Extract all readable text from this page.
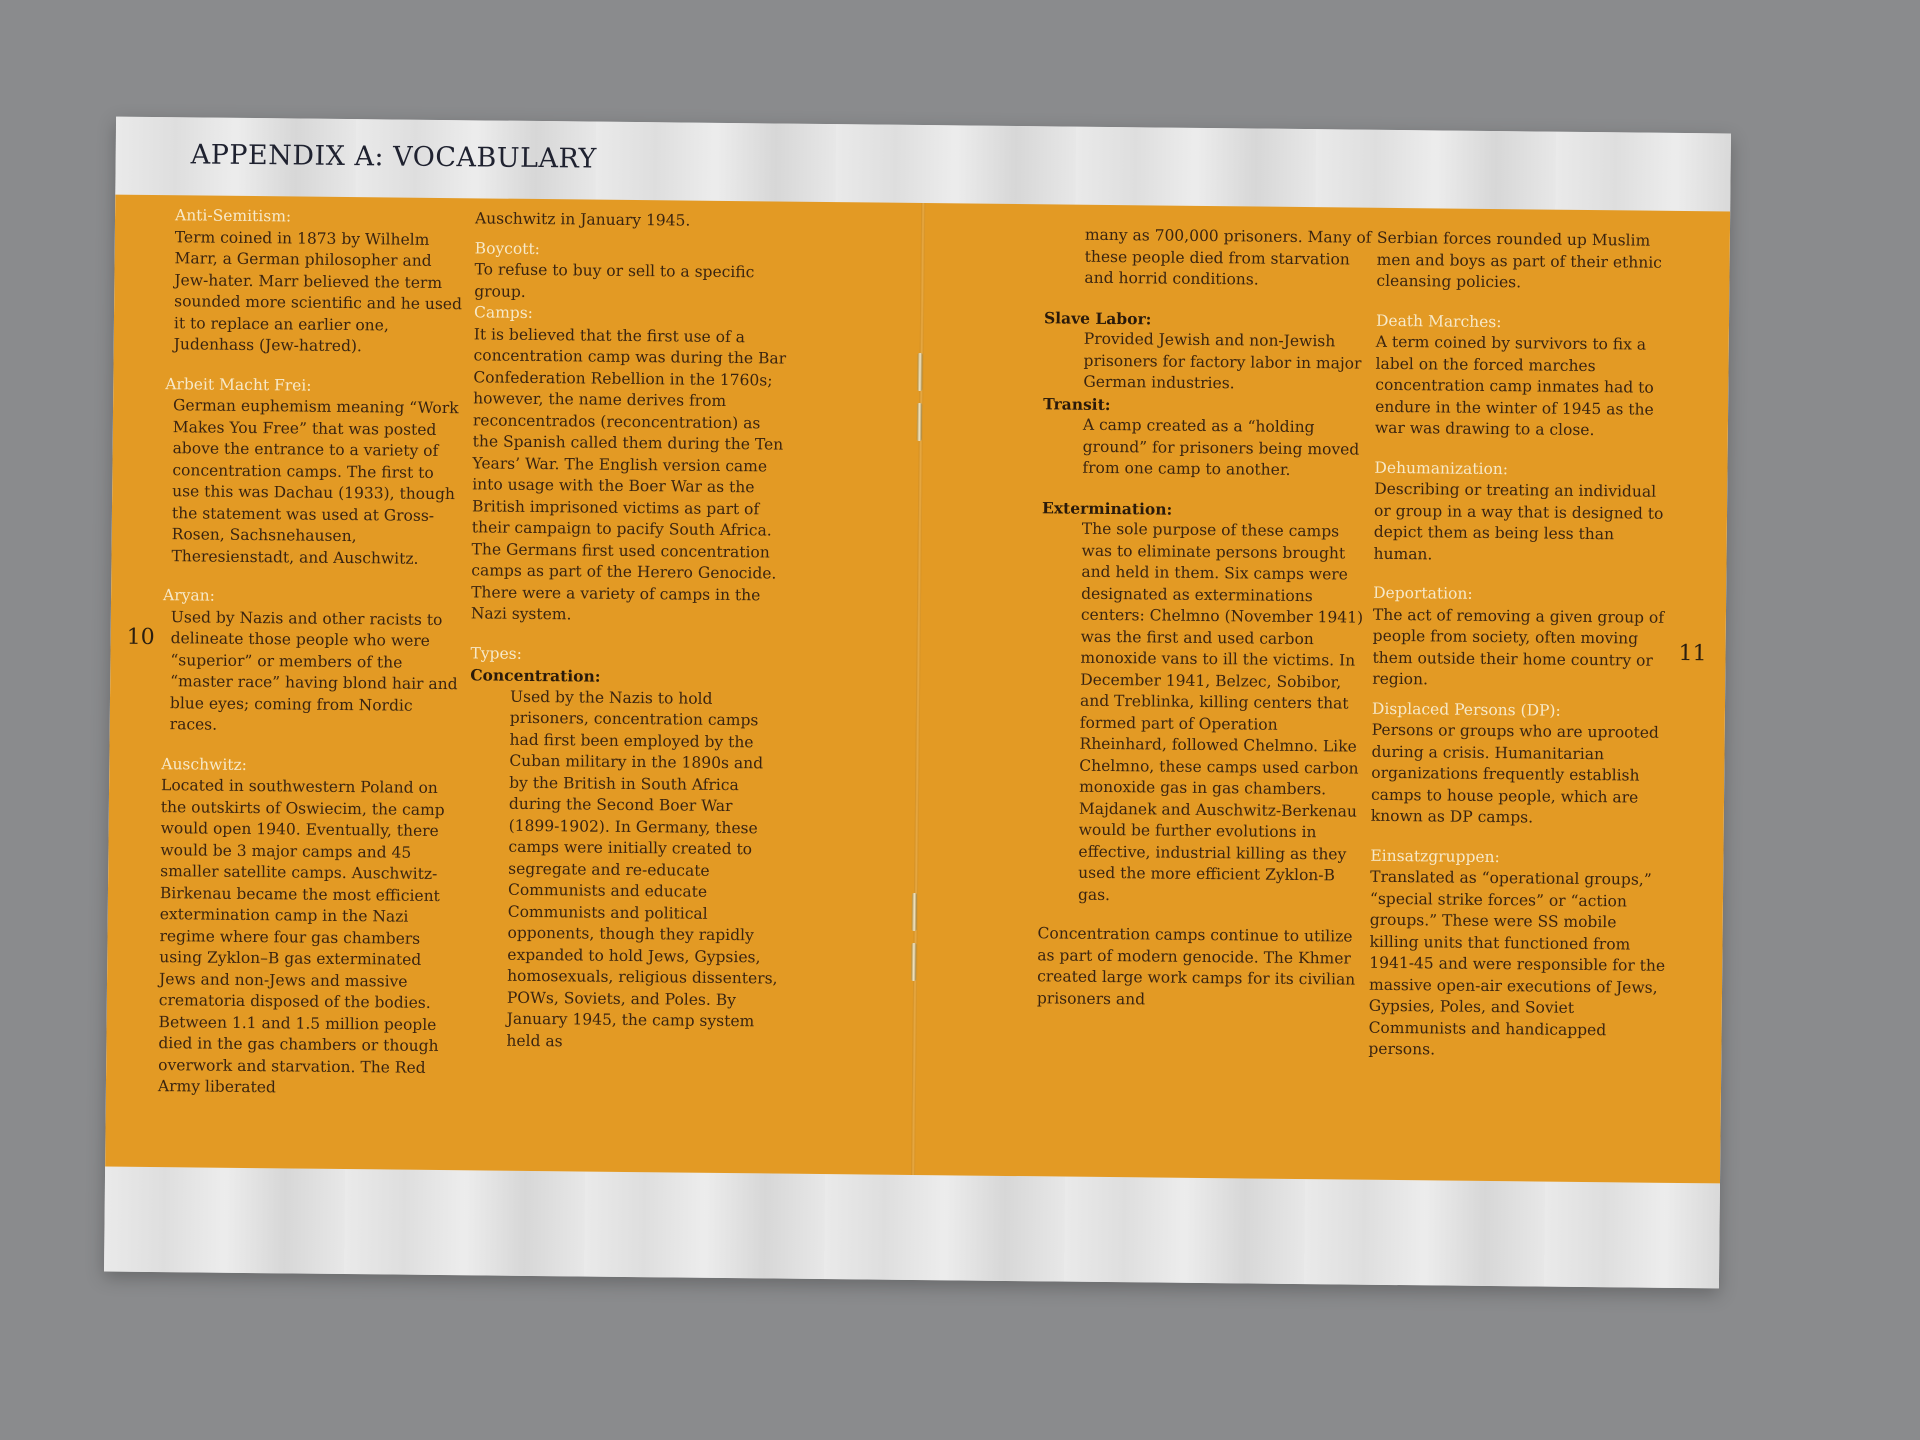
APPENDIX A: VOCABULARY
10
11
Anti-Semitism:
Term coined in 1873 by Wilhelm Marr, a German philosopher and Jew-hater. Marr believed the term sounded more scientific and he used it to replace an earlier one, Judenhass (Jew-hatred).
Arbeit Macht Frei:
German euphemism meaning “Work Makes You Free” that was posted above the entrance to a variety of concentration camps. The first to use this was Dachau (1933), though the statement was used at Gross-Rosen, Sachsnehausen, Theresienstadt, and Auschwitz.
Aryan:
Used by Nazis and other racists to delineate those people who were “superior” or members of the “master race” having blond hair and blue eyes; coming from Nordic races.
Auschwitz:
Located in southwestern Poland on the outskirts of Oswiecim, the camp would open 1940. Eventually, there would be 3 major camps and 45 smaller satellite camps. Auschwitz-Birkenau became the most efficient extermination camp in the Nazi regime where four gas chambers using Zyklon–B gas exterminated Jews and non-Jews and massive crematoria disposed of the bodies. Between 1.1 and 1.5 million people died in the gas chambers or though overwork and starvation. The Red Army liberated
Auschwitz in January 1945.
Boycott:
To refuse to buy or sell to a specific group.
Camps:
It is believed that the first use of a concentration camp was during the Bar Confederation Rebellion in the 1760s; however, the name derives from reconcentrados (reconcentration) as the Spanish called them during the Ten Years’ War. The English version came into usage with the Boer War as the British imprisoned victims as part of their campaign to pacify South Africa. The Germans first used concentration camps as part of the Herero Genocide. There were a variety of camps in the Nazi system.
Types:
Concentration:
Used by the Nazis to hold prisoners, concentration camps had first been employed by the Cuban military in the 1890s and by the British in South Africa during the Second Boer War (1899-1902). In Germany, these camps were initially created to segregate and re-educate Communists and educate Communists and political opponents, though they rapidly expanded to hold Jews, Gypsies, homosexuals, religious dissenters, POWs, Soviets, and Poles. By January 1945, the camp system held as
many as 700,000 prisoners. Many of these people died from starvation and horrid conditions.
Slave Labor:
Provided Jewish and non-Jewish prisoners for factory labor in major German industries.
Transit:
A camp created as a “holding ground” for prisoners being moved from one camp to another.
Extermination:
The sole purpose of these camps was to eliminate persons brought and held in them. Six camps were designated as exterminations centers: Chelmno (November 1941) was the first and used carbon monoxide vans to ill the victims. In December 1941, Belzec, Sobibor, and Treblinka, killing centers that formed part of Operation Rheinhard, followed Chelmno. Like Chelmno, these camps used carbon monoxide gas in gas chambers. Majdanek and Auschwitz-Berkenau would be further evolutions in effective, industrial killing as they used the more efficient Zyklon-B gas.
Concentration camps continue to utilize as part of modern genocide. The Khmer created large work camps for its civilian prisoners and
Serbian forces rounded up Muslim men and boys as part of their ethnic cleansing policies.
Death Marches:
A term coined by survivors to fix a label on the forced marches concentration camp inmates had to endure in the winter of 1945 as the war was drawing to a close.
Dehumanization:
Describing or treating an individual or group in a way that is designed to depict them as being less than human.
Deportation:
The act of removing a given group of people from society, often moving them outside their home country or region.
Displaced Persons (DP):
Persons or groups who are uprooted during a crisis. Humanitarian organizations frequently establish camps to house people, which are known as DP camps.
Einsatzgruppen:
Translated as “operational groups,” “special strike forces” or “action groups.” These were SS mobile killing units that functioned from 1941-45 and were responsible for the massive open-air executions of Jews, Gypsies, Poles, and Soviet Communists and handicapped persons.
